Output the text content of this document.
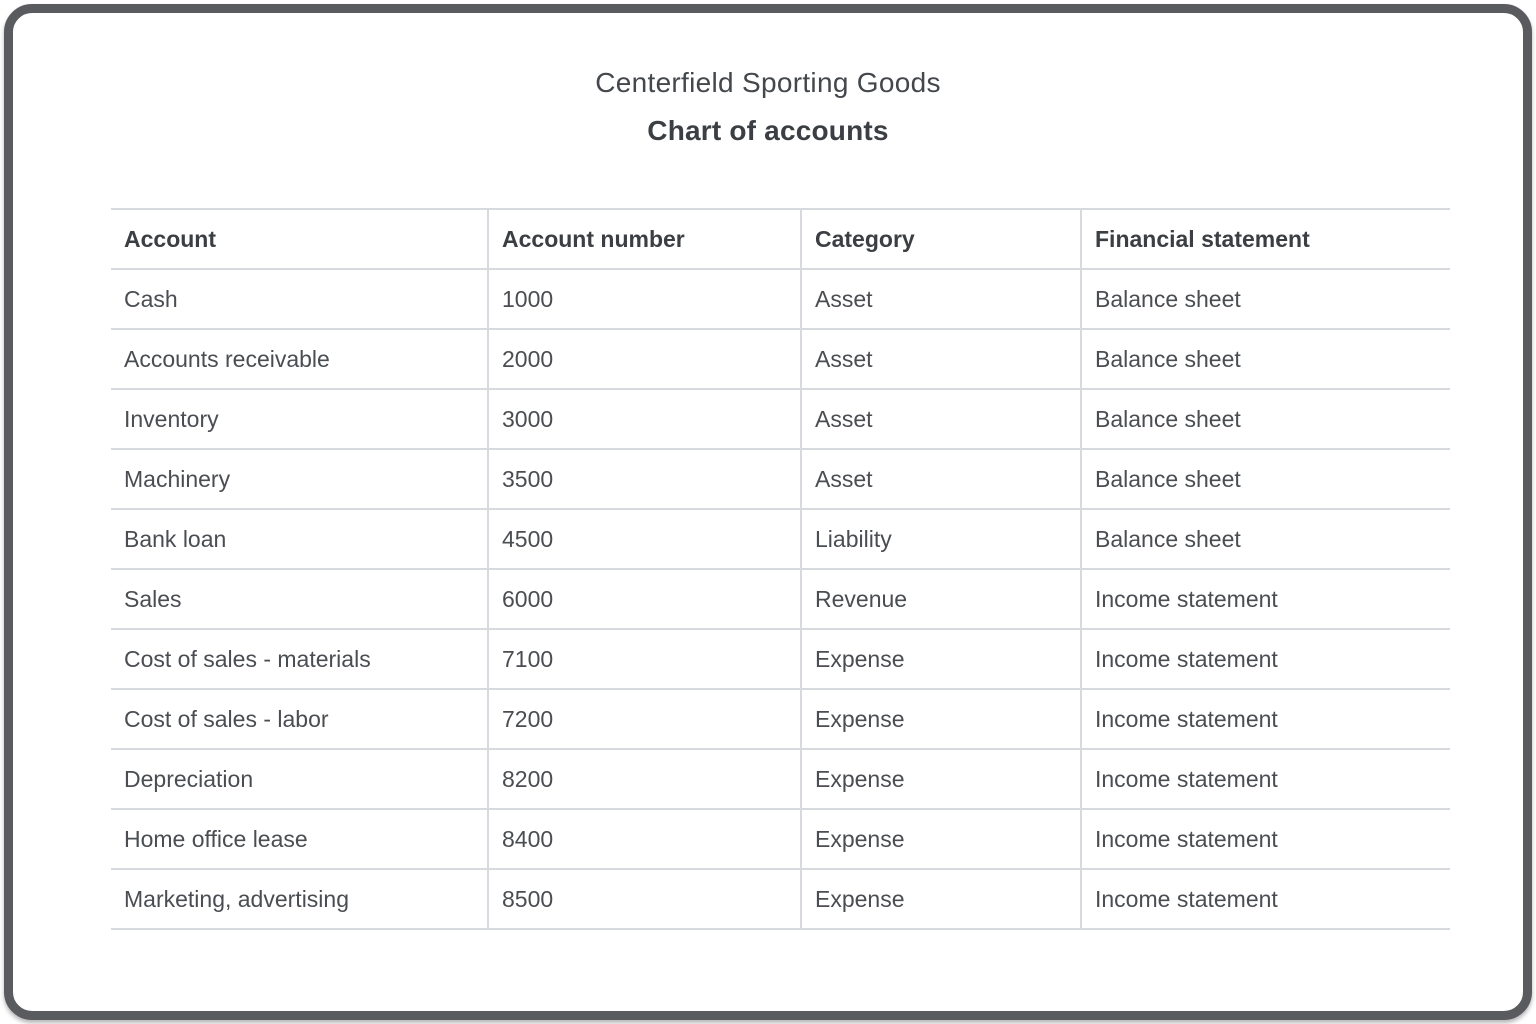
Centerfield Sporting Goods
Chart of accounts
Account	Account number	Category	Financial statement
Cash	1000	Asset	Balance sheet
Accounts receivable	2000	Asset	Balance sheet
Inventory	3000	Asset	Balance sheet
Machinery	3500	Asset	Balance sheet
Bank loan	4500	Liability	Balance sheet
Sales	6000	Revenue	Income statement
Cost of sales - materials	7100	Expense	Income statement
Cost of sales - labor	7200	Expense	Income statement
Depreciation	8200	Expense	Income statement
Home office lease	8400	Expense	Income statement
Marketing, advertising	8500	Expense	Income statement
